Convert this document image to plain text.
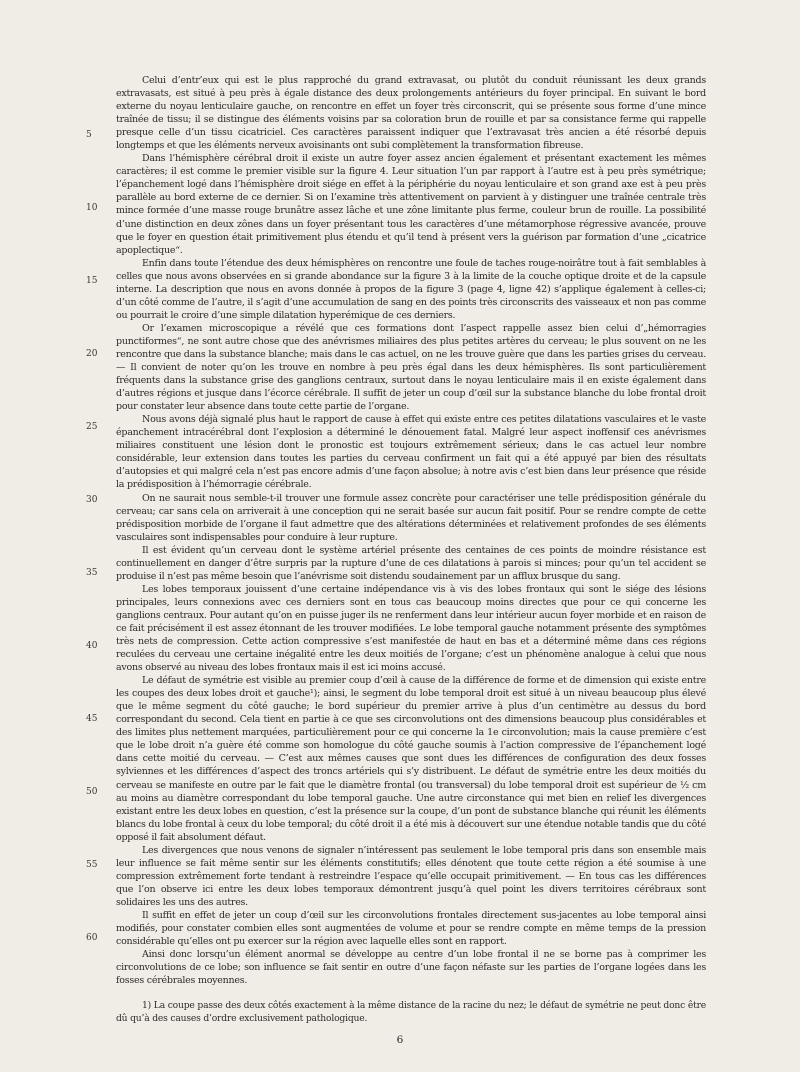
Celui d’entr’eux qui est le plus rapproché du grand extravasat, ou plutôt du conduit réunissant les deux grands extravasats, est situé à peu près à égale distance des deux prolongements antérieurs du foyer principal. En suivant le bord externe du noyau lenticulaire gauche, on rencontre en effet un foyer très circonscrit, qui se présente sous forme d’une mince traînée de tissu; il se distingue des éléments voisins par sa coloration brun de rouille et par sa consistance ferme qui rappelle presque celle d’un tissu cicatriciel. Ces caractères paraissent indiquer que l’extravasat très ancien a été résorbé depuis longtemps et que les éléments nerveux avoisinants ont subi complètement la transformation fibreuse.

Dans l’hémisphère cérébral droit il existe un autre foyer assez ancien également et présentant exactement les mêmes caractères; il est comme le premier visible sur la figure 4. Leur situation l’un par rapport à l’autre est à peu près symétrique; l’épanchement logé dans l’hémisphère droit siége en effet à la périphérie du noyau lenticulaire et son grand axe est à peu près parallèle au bord externe de ce dernier. Si on l’examine très attentivement on parvient à y distinguer une traînée centrale très mince formée d’une masse rouge brunâtre assez lâche et une zône limitante plus ferme, couleur brun de rouille. La possibilité d’une distinction en deux zônes dans un foyer présentant tous les caractères d’une métamorphose régressive avancée, prouve que le foyer en question était primitivement plus étendu et qu’il tend à présent vers la guérison par formation d’une „cicatrice apoplectique“.

Enfin dans toute l’étendue des deux hémisphères on rencontre une foule de taches rouge-noirâtre tout à fait semblables à celles que nous avons observées en si grande abondance sur la figure 3 à la limite de la couche optique droite et de la capsule interne. La description que nous en avons donnée à propos de la figure 3 (page 4, ligne 42) s’applique également à celles-ci; d’un côté comme de l’autre, il s’agit d’une accumulation de sang en des points très circonscrits des vaisseaux et non pas comme ou pourrait le croire d’une simple dilatation hyperémique de ces derniers.

Or l’examen microscopique a révélé que ces formations dont l’aspect rappelle assez bien celui d’„hémorragies punctiformes“, ne sont autre chose que des anévrismes miliaires des plus petites artères du cerveau; le plus souvent on ne les rencontre que dans la substance blanche; mais dans le cas actuel, on ne les trouve guère que dans les parties grises du cerveau. — Il convient de noter qu’on les trouve en nombre à peu près égal dans les deux hémisphères. Ils sont particulièrement fréquents dans la substance grise des ganglions centraux, surtout dans le noyau lenticulaire mais il en existe également dans d’autres régions et jusque dans l’écorce cérébrale. Il suffit de jeter un coup d’œil sur la substance blanche du lobe frontal droit pour constater leur absence dans toute cette partie de l’organe.

Nous avons déjà signalé plus haut le rapport de cause à effet qui existe entre ces petites dilatations vasculaires et le vaste épanchement intracérébral dont l’explosion a déterminé le dénouement fatal. Malgré leur aspect inoffensif ces anévrismes miliaires constituent une lésion dont le pronostic est toujours extrêmement sérieux; dans le cas actuel leur nombre considérable, leur extension dans toutes les parties du cerveau confirment un fait qui a été appuyé par bien des résultats d’autopsies et qui malgré cela n’est pas encore admis d’une façon absolue; à notre avis c’est bien dans leur présence que réside la prédisposition à l’hémorragie cérébrale.

On ne saurait nous semble-t-il trouver une formule assez concrète pour caractériser une telle prédisposition générale du cerveau; car sans cela on arriverait à une conception qui ne serait basée sur aucun fait positif. Pour se rendre compte de cette prédisposition morbide de l’organe il faut admettre que des altérations déterminées et relativement profondes de ses éléments vasculaires sont indispensables pour conduire à leur rupture.

Il est évident qu’un cerveau dont le système artériel présente des centaines de ces points de moindre résistance est continuellement en danger d’être surpris par la rupture d’une de ces dilatations à parois si minces; pour qu’un tel accident se produise il n’est pas même besoin que l’anévrisme soit distendu soudainement par un afflux brusque du sang.

Les lobes temporaux jouissent d’une certaine indépendance vis à vis des lobes frontaux qui sont le siége des lésions principales, leurs connexions avec ces derniers sont en tous cas beaucoup moins directes que pour ce qui concerne les ganglions centraux. Pour autant qu’on en puisse juger ils ne renferment dans leur intérieur aucun foyer morbide et en raison de ce fait précisément il est assez étonnant de les trouver modifiées. Le lobe temporal gauche notamment présente des symptômes très nets de compression. Cette action compressive s’est manifestée de haut en bas et a déterminé même dans ces régions reculées du cerveau une certaine inégalité entre les deux moitiés de l’organe; c’est un phénomène analogue à celui que nous avons observé au niveau des lobes frontaux mais il est ici moins accusé.

Le défaut de symétrie est visible au premier coup d’œil à cause de la différence de forme et de dimension qui existe entre les coupes des deux lobes droit et gauche¹); ainsi, le segment du lobe temporal droit est situé à un niveau beaucoup plus élevé que le même segment du côté gauche; le bord supérieur du premier arrive à plus d’un centimètre au dessus du bord correspondant du second. Cela tient en partie à ce que ses circonvolutions ont des dimensions beaucoup plus considérables et des limites plus nettement marquées, particulièrement pour ce qui concerne la 1e circonvolution; mais la cause première c’est que le lobe droit n’a guère été comme son homologue du côté gauche soumis à l’action compressive de l’épanchement logé dans cette moitié du cerveau. — C’est aux mêmes causes que sont dues les différences de configuration des deux fosses sylviennes et les différences d’aspect des troncs artériels qui s’y distribuent. Le défaut de symétrie entre les deux moitiés du cerveau se manifeste en outre par le fait que le diamètre frontal (ou transversal) du lobe temporal droit est supérieur de ½ cm au moins au diamètre correspondant du lobe temporal gauche. Une autre circonstance qui met bien en relief les divergences existant entre les deux lobes en question, c’est la présence sur la coupe, d’un pont de substance blanche qui réunit les éléments blancs du lobe frontal à ceux du lobe temporal; du côté droit il a été mis à découvert sur une étendue notable tandis que du côté opposé il fait absolument défaut.

Les divergences que nous venons de signaler n’intéressent pas seulement le lobe temporal pris dans son ensemble mais leur influence se fait même sentir sur les éléments constitutifs; elles dénotent que toute cette région a été soumise à une compression extrêmement forte tendant à restreindre l’espace qu’elle occupait primitivement. — En tous cas les différences que l’on observe ici entre les deux lobes temporaux démontrent jusqu’à quel point les divers territoires cérébraux sont solidaires les uns des autres.

Il suffit en effet de jeter un coup d’œil sur les circonvolutions frontales directement sus-jacentes au lobe temporal ainsi modifiés, pour constater combien elles sont augmentées de volume et pour se rendre compte en même temps de la pression considérable qu’elles ont pu exercer sur la région avec laquelle elles sont en rapport.

Ainsi donc lorsqu’un élément anormal se développe au centre d’un lobe frontal il ne se borne pas à comprimer les circonvolutions de ce lobe; son influence se fait sentir en outre d’une façon néfaste sur les parties de l’organe logées dans les fosses cérébrales moyennes.

5
10
15
20
25
30
35
40
45
50
55
60
1) La coupe passe des deux côtés exactement à la même distance de la racine du nez; le défaut de symétrie ne peut donc être dû qu’à des causes d’ordre exclusivement pathologique.
6
